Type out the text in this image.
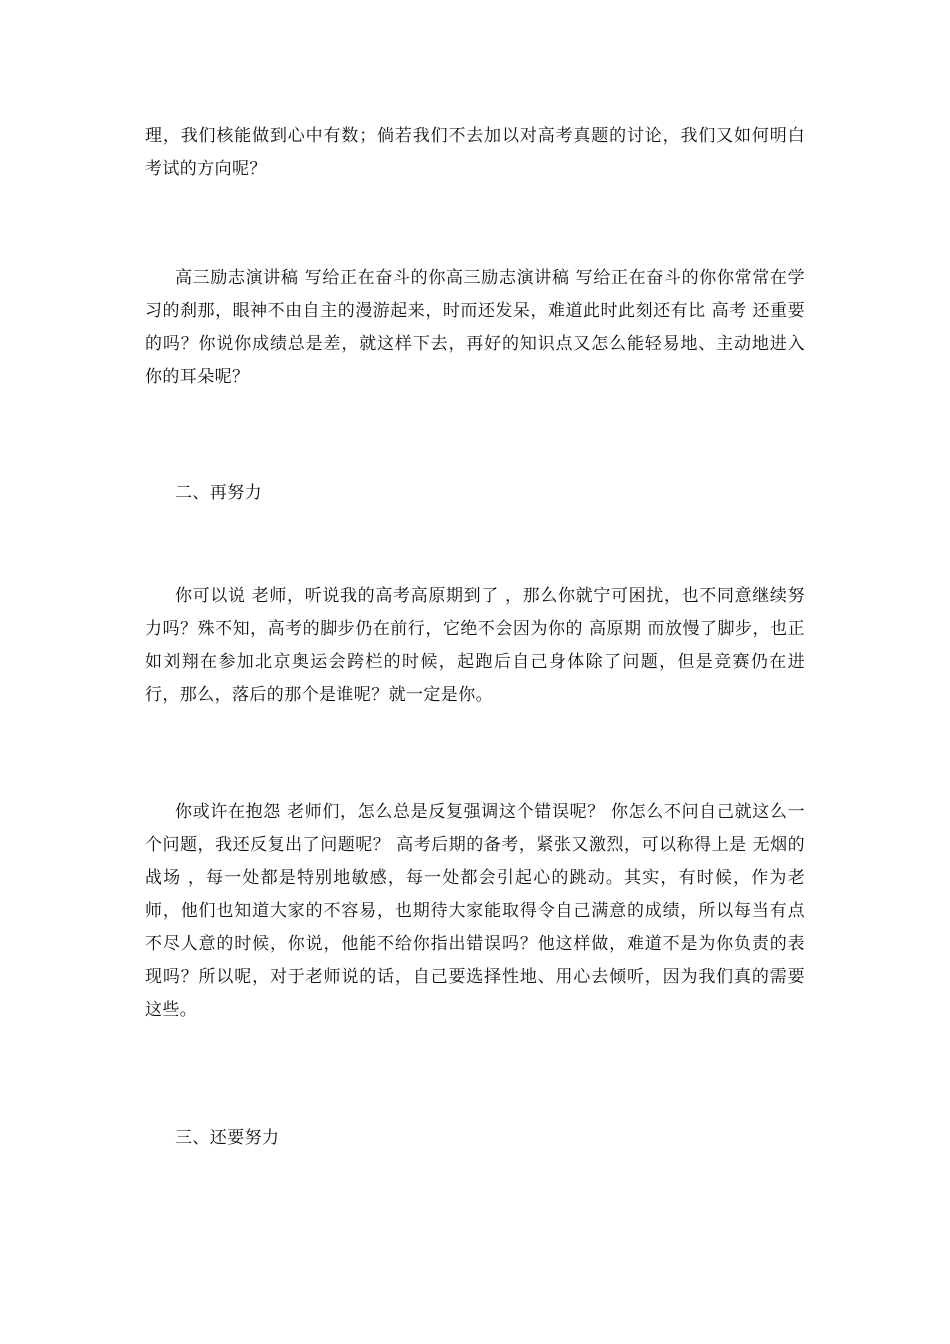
理，我们核能做到心中有数；倘若我们不去加以对高考真题的讨论，我们又如何明白考试的方向呢？

高三励志演讲稿 写给正在奋斗的你高三励志演讲稿 写给正在奋斗的你你常常在学习的刹那，眼神不由自主的漫游起来，时而还发呆，难道此时此刻还有比 高考 还重要的吗？你说你成绩总是差，就这样下去，再好的知识点又怎么能轻易地、主动地进入你的耳朵呢？

二、再努力

你可以说 老师，听说我的高考高原期到了 ，那么你就宁可困扰，也不同意继续努力吗？殊不知，高考的脚步仍在前行，它绝不会因为你的 高原期 而放慢了脚步，也正如刘翔在参加北京奥运会跨栏的时候，起跑后自己身体除了问题，但是竞赛仍在进行，那么，落后的那个是谁呢？就一定是你。

你或许在抱怨 老师们，怎么总是反复强调这个错误呢？ 你怎么不问自己就这么一个问题，我还反复出了问题呢？ 高考后期的备考，紧张又激烈，可以称得上是 无烟的战场 ，每一处都是特别地敏感，每一处都会引起心的跳动。其实，有时候，作为老师，他们也知道大家的不容易，也期待大家能取得令自己满意的成绩，所以每当有点不尽人意的时候，你说，他能不给你指出错误吗？他这样做，难道不是为你负责的表现吗？所以呢，对于老师说的话，自己要选择性地、用心去倾听，因为我们真的需要这些。

三、还要努力
